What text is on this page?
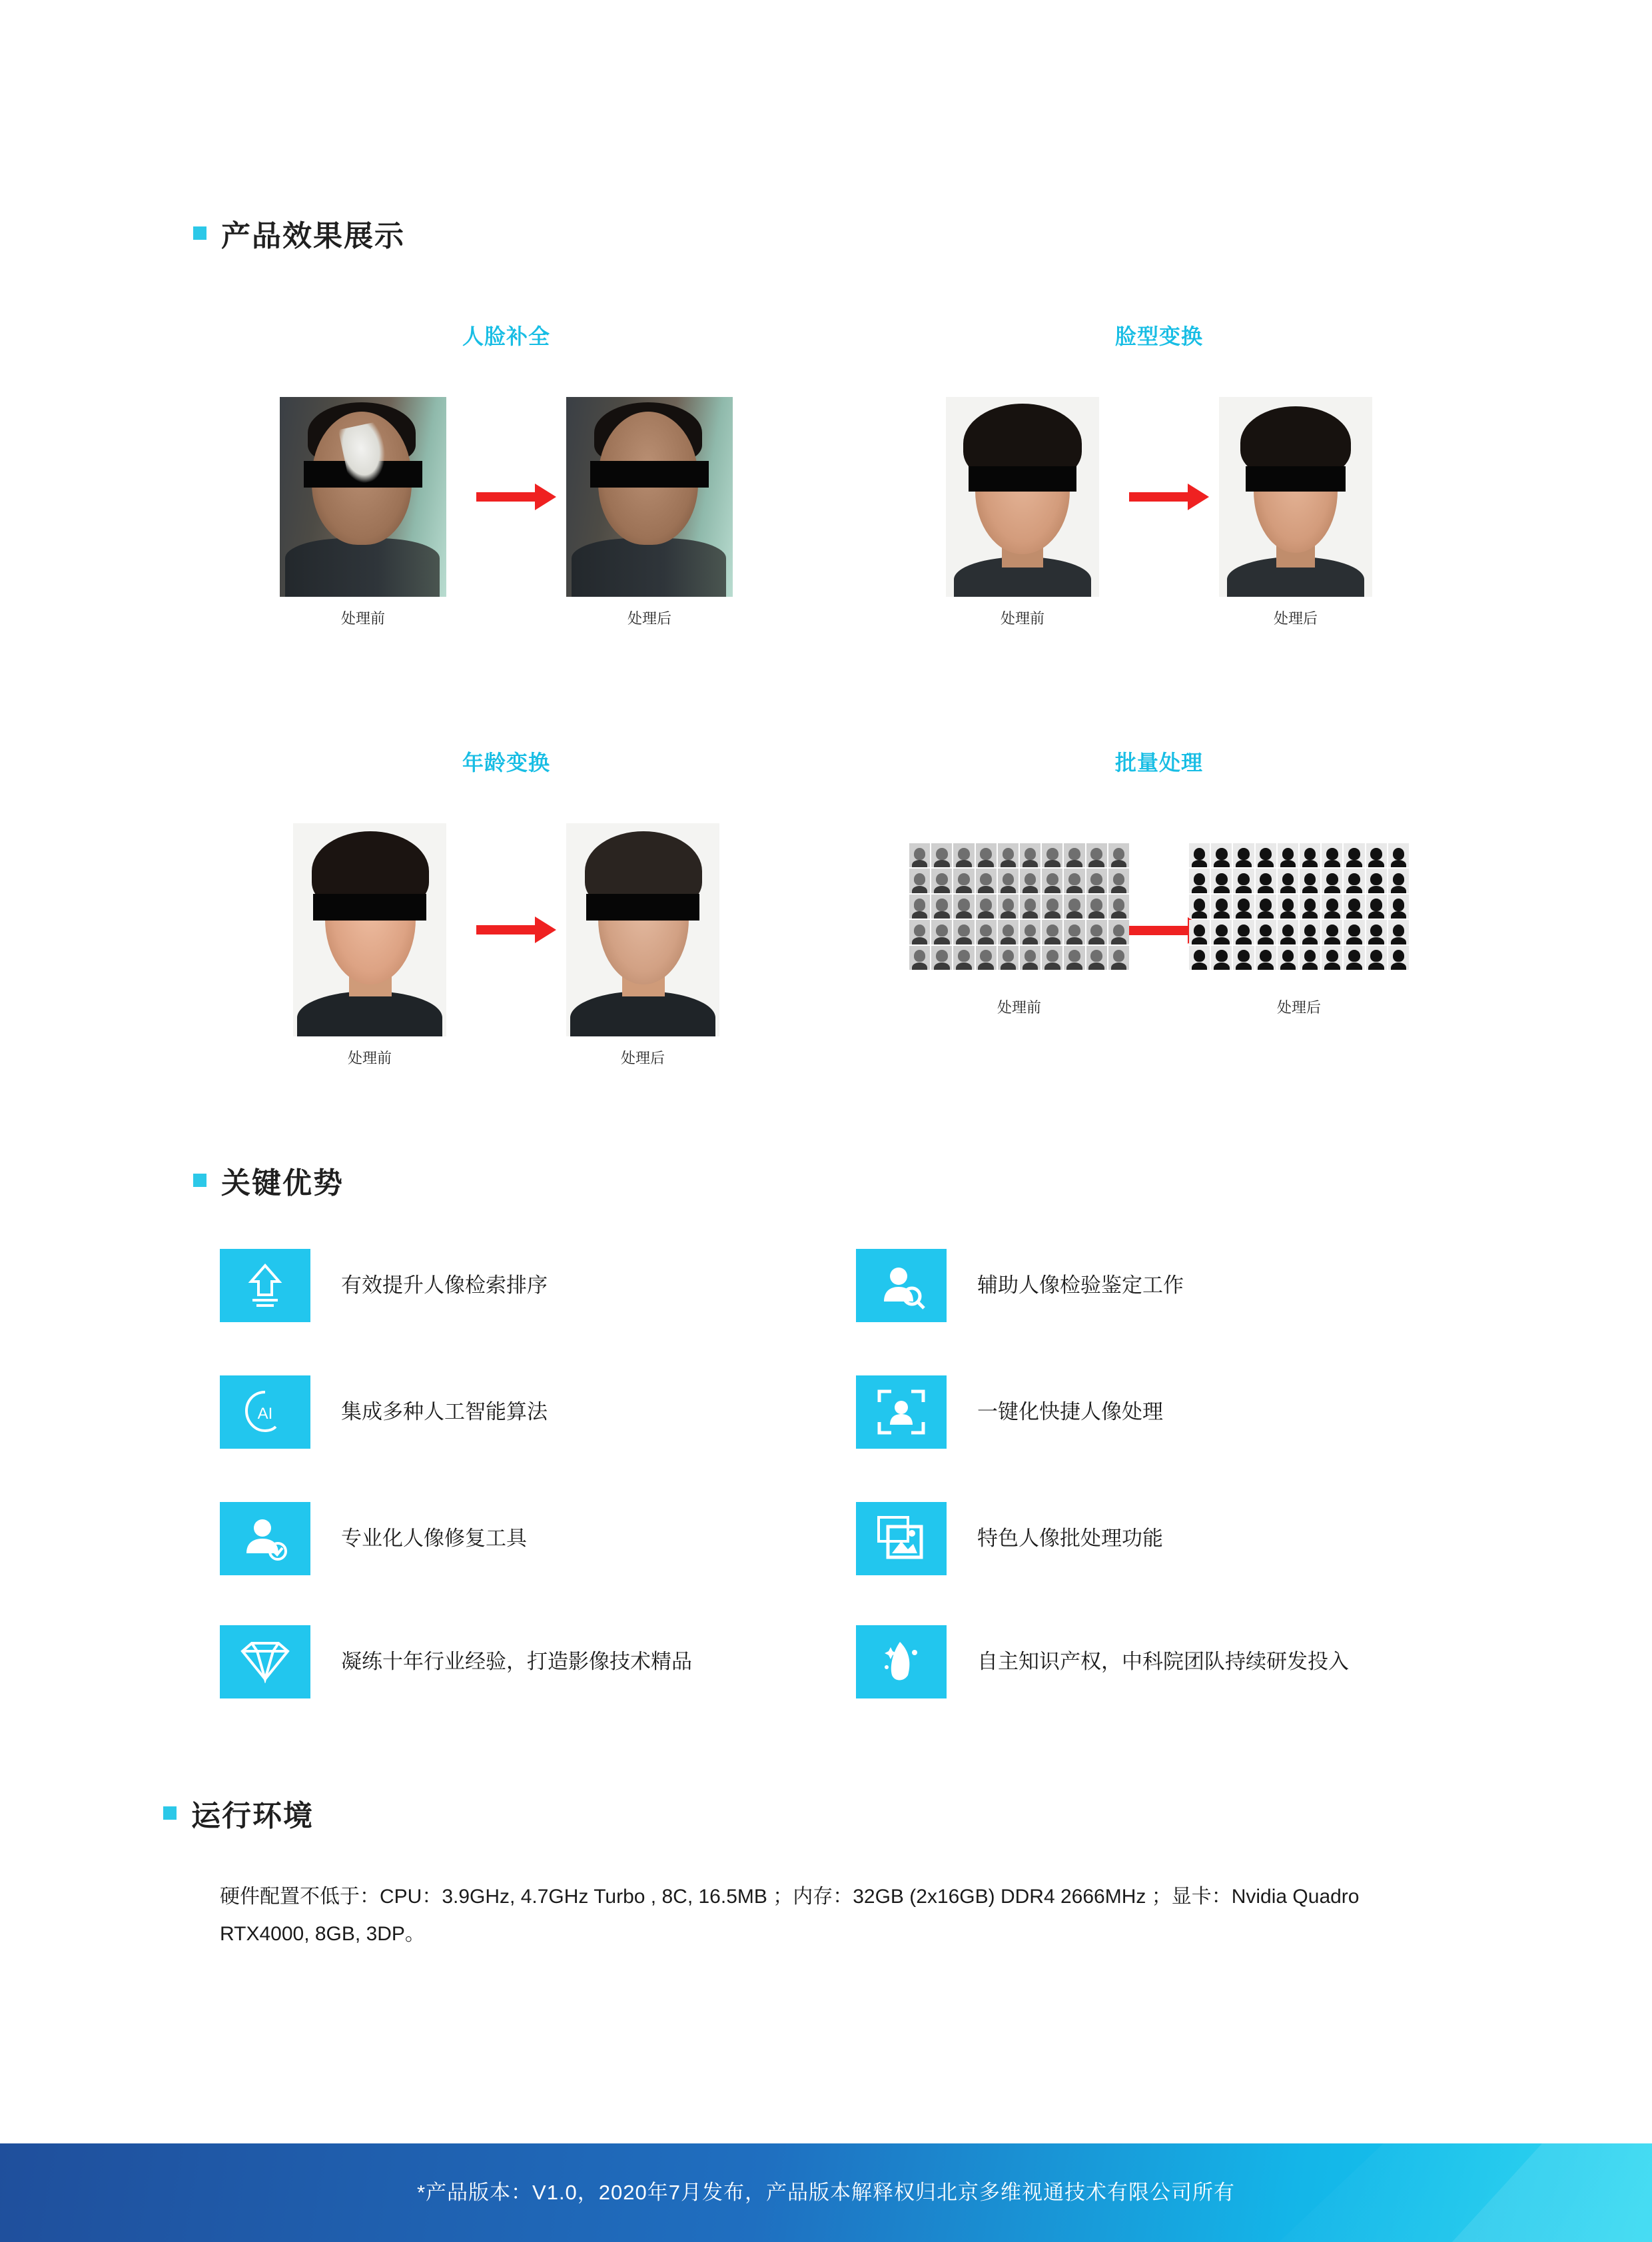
产品效果展示
人脸补全
处理前	处理后
脸型变换
处理前	处理后
年龄变换
处理前	处理后
批量处理
处理前	处理后
关键优势
有效提升人像检索排序	辅助人像检验鉴定工作
AI	集成多种人工智能算法	一键化快捷人像处理
专业化人像修复工具	特色人像批处理功能
凝练十年行业经验，打造影像技术精品	自主知识产权，中科院团队持续研发投入
运行环境
硬件配置不低于：CPU：3.9GHz, 4.7GHz Turbo , 8C, 16.5MB ；内存：32GB (2x16GB) DDR4 2666MHz ；显卡：Nvidia Quadro RTX4000, 8GB, 3DP。
*产品版本：V1.0，2020年7月发布，产品版本解释权归北京多维视通技术有限公司所有
